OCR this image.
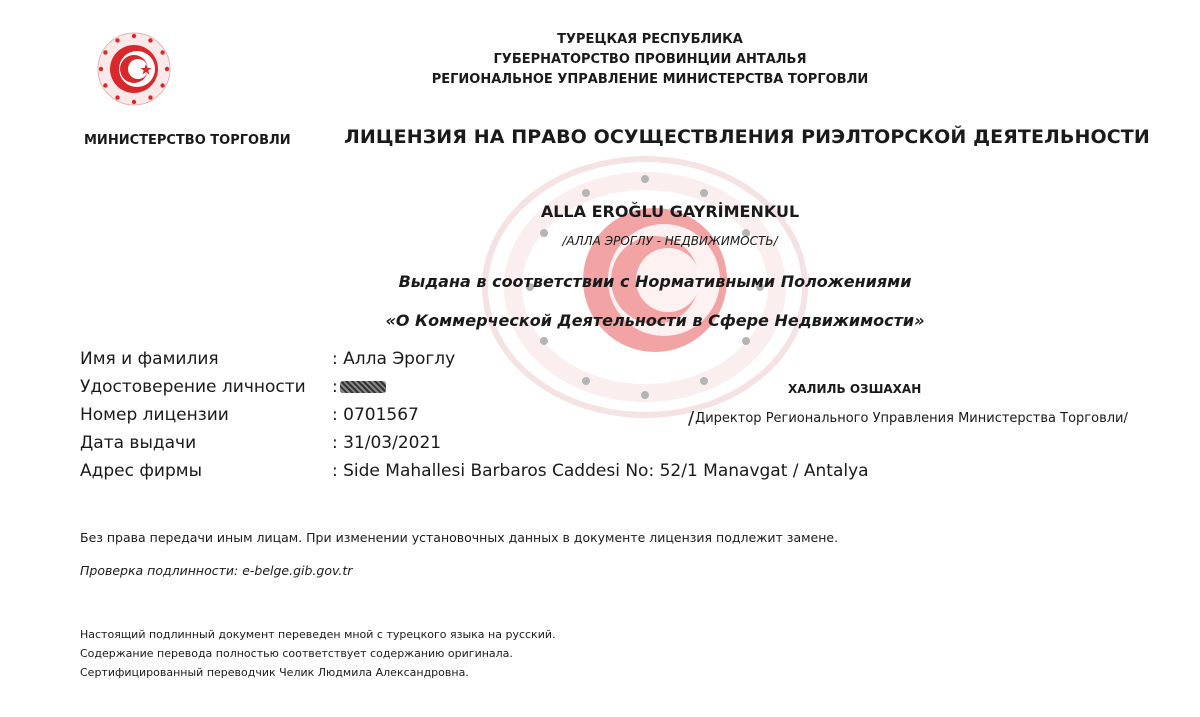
ТУРЕЦКАЯ РЕСПУБЛИКА
ГУБЕРНАТОРСТВО ПРОВИНЦИИ АНТАЛЬЯ
РЕГИОНАЛЬНОЕ УПРАВЛЕНИЕ МИНИСТЕРСТВА ТОРГОВЛИ
МИНИСТЕРСТВО ТОРГОВЛИ	ЛИЦЕНЗИЯ НА ПРАВО ОСУЩЕСТВЛЕНИЯ РИЭЛТОРСКОЙ ДЕЯТЕЛЬНОСТИ
ALLA EROĞLU GAYRİMENKUL
/АЛЛА ЭРОГЛУ - НЕДВИЖИМОСТЬ/
Выдана в соответствии с Нормативными Положениями
«О Коммерческой Деятельности в Сфере Недвижимости»
Имя и фамилия	: Алла Эроглу
Удостоверение личности :
Номер лицензии	: 0701567
Дата выдачи	: 31/03/2021
Адрес фирмы	: Side Mahallesi Barbaros Caddesi No: 52/1 Manavgat / Antalya
ХАЛИЛЬ ОЗШАХАН
/Директор Регионального Управления Министерства Торговли/
Без права передачи иным лицам. При изменении установочных данных в документе лицензия подлежит замене.
Проверка подлинности: e-belge.gib.gov.tr
Настоящий подлинный документ переведен мной с турецкого языка на русский.
Содержание перевода полностью соответствует содержанию оригинала.
Сертифицированный переводчик Челик Людмила Александровна.
